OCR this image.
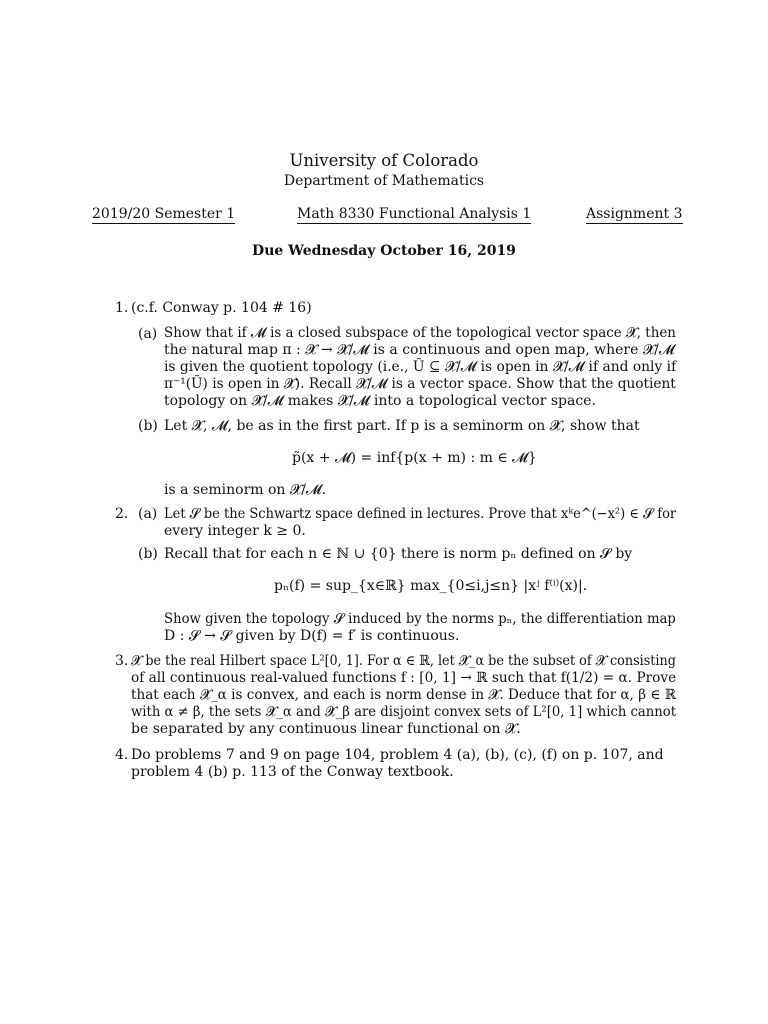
University of Colorado
Department of Mathematics
2019/20 Semester 1	Math 8330 Functional Analysis 1	Assignment 3
Due Wednesday October 16, 2019
1. (c.f. Conway p. 104 # 16)
(a) Show that if 𝓜 is a closed subspace of the topological vector space 𝓧, then
the natural map π : 𝓧 → 𝓧/𝓜 is a continuous and open map, where 𝓧/𝓜
is given the quotient topology (i.e., Ũ ⊆ 𝓧/𝓜 is open in 𝓧/𝓜 if and only if
π⁻¹(Ũ) is open in 𝓧). Recall 𝓧/𝓜 is a vector space. Show that the quotient
topology on 𝓧/𝓜 makes 𝓧/𝓜 into a topological vector space.
(b) Let 𝓧, 𝓜, be as in the first part. If p is a seminorm on 𝓧, show that
p̃(x + 𝓜) = inf{p(x + m) : m ∈ 𝓜}
is a seminorm on 𝓧/𝓜.
2. (a) Let 𝓢 be the Schwartz space defined in lectures. Prove that xᵏe^(−x²) ∈ 𝓢 for
every integer k ≥ 0.
(b) Recall that for each n ∈ ℕ ∪ {0} there is norm pₙ defined on 𝓢 by
pₙ(f) = sup_{x∈ℝ} max_{0≤i,j≤n} |xʲ f⁽ⁱ⁾(x)|.
Show given the topology 𝓢 induced by the norms pₙ, the differentiation map
D : 𝓢 → 𝓢 given by D(f) = f′ is continuous.
3. 𝓧 be the real Hilbert space L²[0, 1]. For α ∈ ℝ, let 𝓧_α be the subset of 𝓧 consisting
of all continuous real-valued functions f : [0, 1] → ℝ such that f(1/2) = α. Prove
that each 𝓧_α is convex, and each is norm dense in 𝓧. Deduce that for α, β ∈ ℝ
with α ≠ β, the sets 𝓧_α and 𝓧_β are disjoint convex sets of L²[0, 1] which cannot
be separated by any continuous linear functional on 𝓧.
4. Do problems 7 and 9 on page 104, problem 4 (a), (b), (c), (f) on p. 107, and
problem 4 (b) p. 113 of the Conway textbook.
